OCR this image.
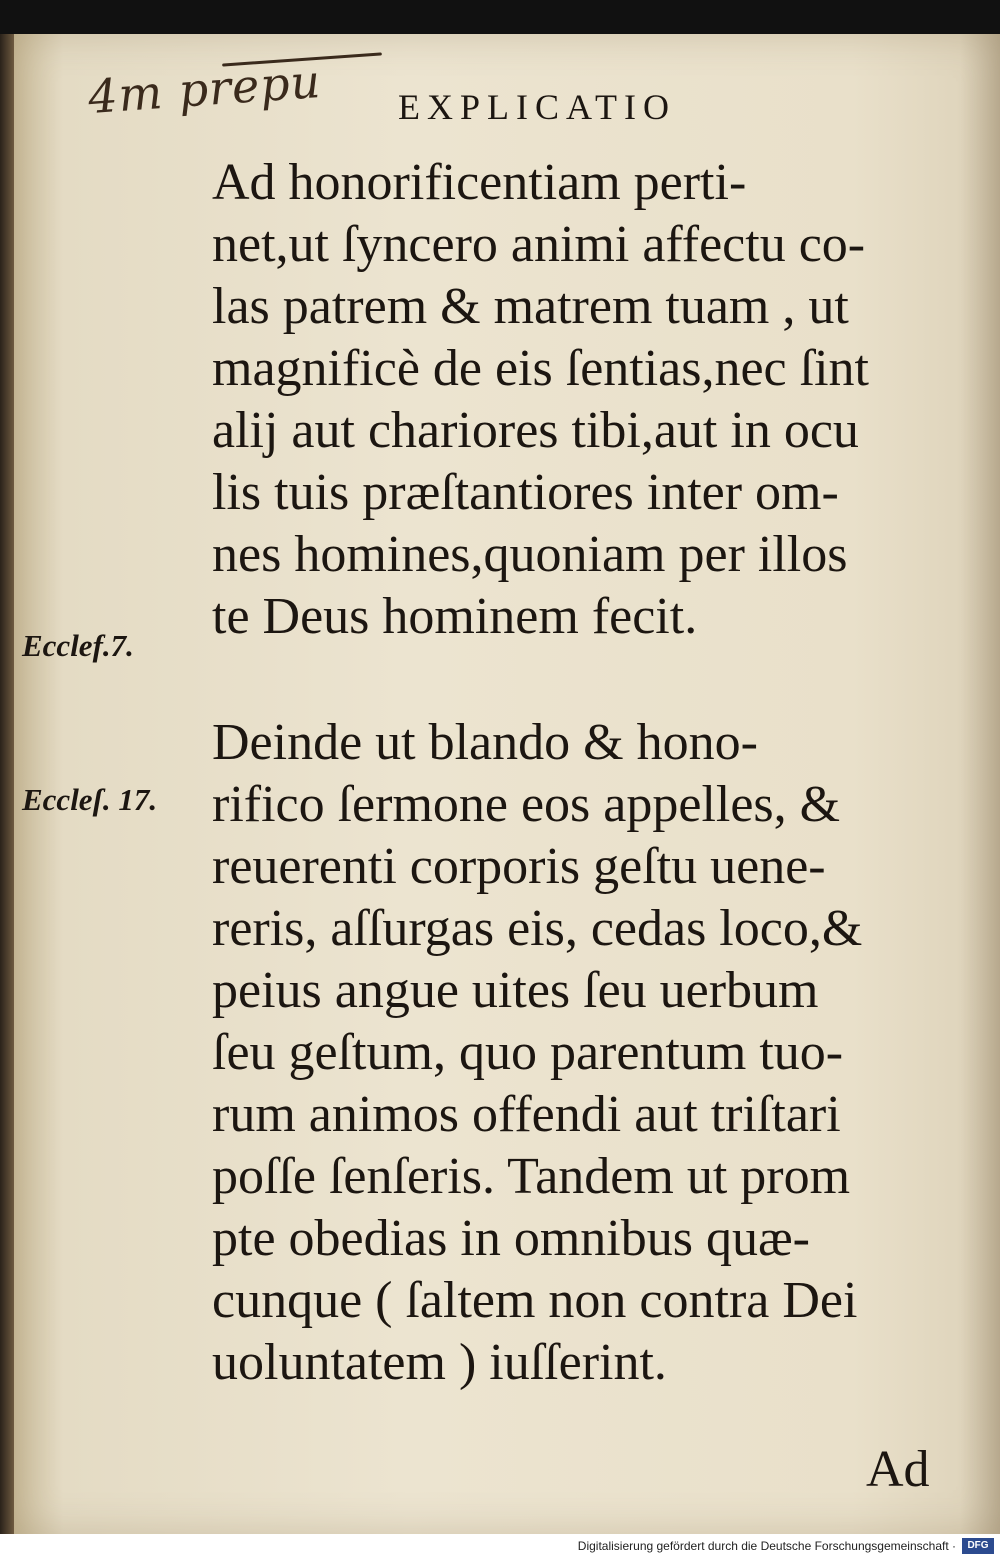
4m prepu EXPLICATIO
Ad honorificentiam perti-
net,ut ſyncero animi affectu co-
las patrem & matrem tuam , ut
magnificè de eis ſentias,nec ſint
alij aut chariores tibi,aut in ocu
lis tuis præſtantiores inter om-
nes homines,quoniam per illos
te Deus hominem fecit.
Ecclef.7.
Deinde ut blando & hono-
rifico ſermone eos appelles, &
reuerenti corporis geſtu uene-
reris, aſſurgas eis, cedas loco,&
peius angue uites ſeu uerbum
ſeu geſtum, quo parentum tuo-
rum animos offendi aut triſtari
poſſe ſenſeris. Tandem ut prom
pte obedias in omnibus quæ-
cunque ( ſaltem non contra Dei
uoluntatem ) iuſſerint.
Eccleſ. 17.
Ad
Digitalisierung gefördert durch die Deutsche Forschungsgemeinschaft ·	DFG
